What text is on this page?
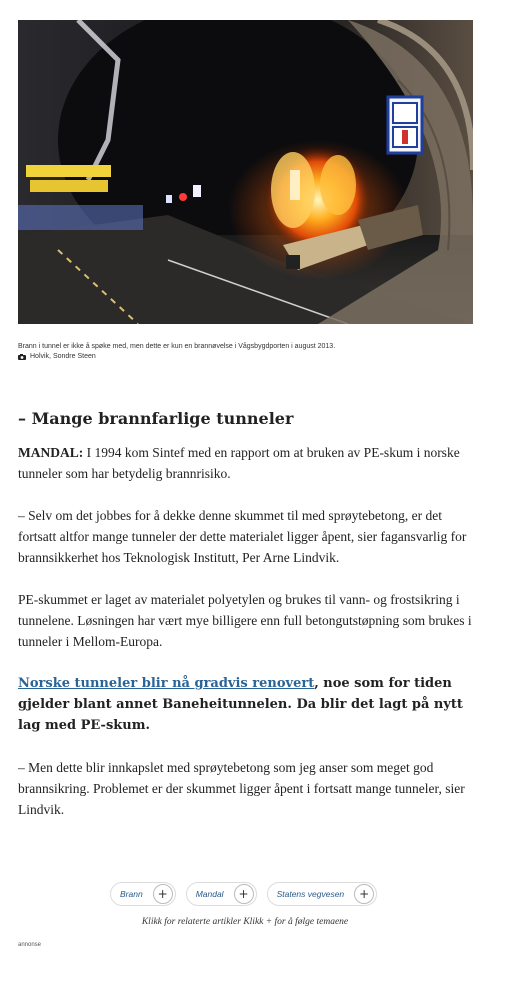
Brann i tunnel er ikke å spøke med, men dette er kun en brannøvelse i Vågsbygdporten i august 2013.
Holvik, Sondre Steen
– Mange brannfarlige tunneler

MANDAL: I 1994 kom Sintef med en rapport om at bruken av PE-skum i norske tunneler som har betydelig brannrisiko.

– Selv om det jobbes for å dekke denne skummet til med sprøytebetong, er det fortsatt altfor mange tunneler der dette materialet ligger åpent, sier fagansvarlig for brannsikkerhet hos Teknologisk Institutt, Per Arne Lindvik.

PE-skummet er laget av materialet polyetylen og brukes til vann- og frostsikring i tunnelene. Løsningen har vært mye billigere enn full betongutstøpning som brukes i tunneler i Mellom-Europa.

Norske tunneler blir nå gradvis renovert, noe som for tiden gjelder blant annet Baneheitunnelen. Da blir det lagt på nytt lag med PE-skum.

– Men dette blir innkapslet med sprøytebetong som jeg anser som meget god brannsikring. Problemet er der skummet ligger åpent i fortsatt mange tunneler, sier Lindvik.

Brann	+	Mandal	+	Statens vegvesen	+
Klikk for relaterte artikler Klikk + for å følge temaene
annonse
